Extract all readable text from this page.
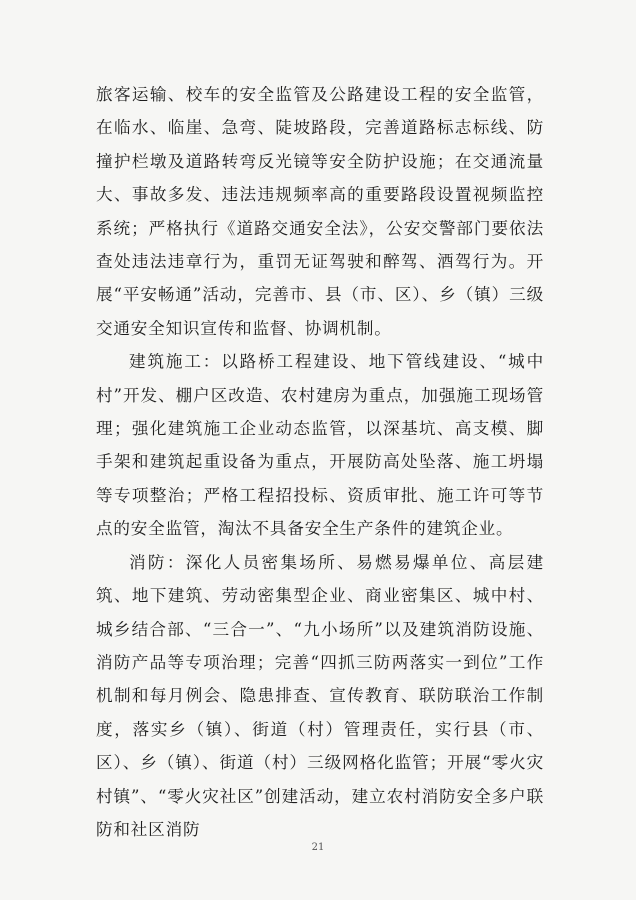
旅客运输、校车的安全监管及公路建设工程的安全监管，在临水、临崖、急弯、陡坡路段，完善道路标志标线、防撞护栏墩及道路转弯反光镜等安全防护设施；在交通流量大、事故多发、违法违规频率高的重要路段设置视频监控系统；严格执行《道路交通安全法》，公安交警部门要依法查处违法违章行为，重罚无证驾驶和醉驾、酒驾行为。开展“平安畅通”活动，完善市、县（市、区）、乡（镇）三级交通安全知识宣传和监督、协调机制。

建筑施工：以路桥工程建设、地下管线建设、“城中村”开发、棚户区改造、农村建房为重点，加强施工现场管理；强化建筑施工企业动态监管，以深基坑、高支模、脚手架和建筑起重设备为重点，开展防高处坠落、施工坍塌等专项整治；严格工程招投标、资质审批、施工许可等节点的安全监管，淘汰不具备安全生产条件的建筑企业。

消防：深化人员密集场所、易燃易爆单位、高层建筑、地下建筑、劳动密集型企业、商业密集区、城中村、城乡结合部、“三合一”、“九小场所”以及建筑消防设施、消防产品等专项治理；完善“四抓三防两落实一到位”工作机制和每月例会、隐患排查、宣传教育、联防联治工作制度，落实乡（镇）、街道（村）管理责任，实行县（市、区）、乡（镇）、街道（村）三级网格化监管；开展“零火灾村镇”、“零火灾社区”创建活动，建立农村消防安全多户联防和社区消防

21
